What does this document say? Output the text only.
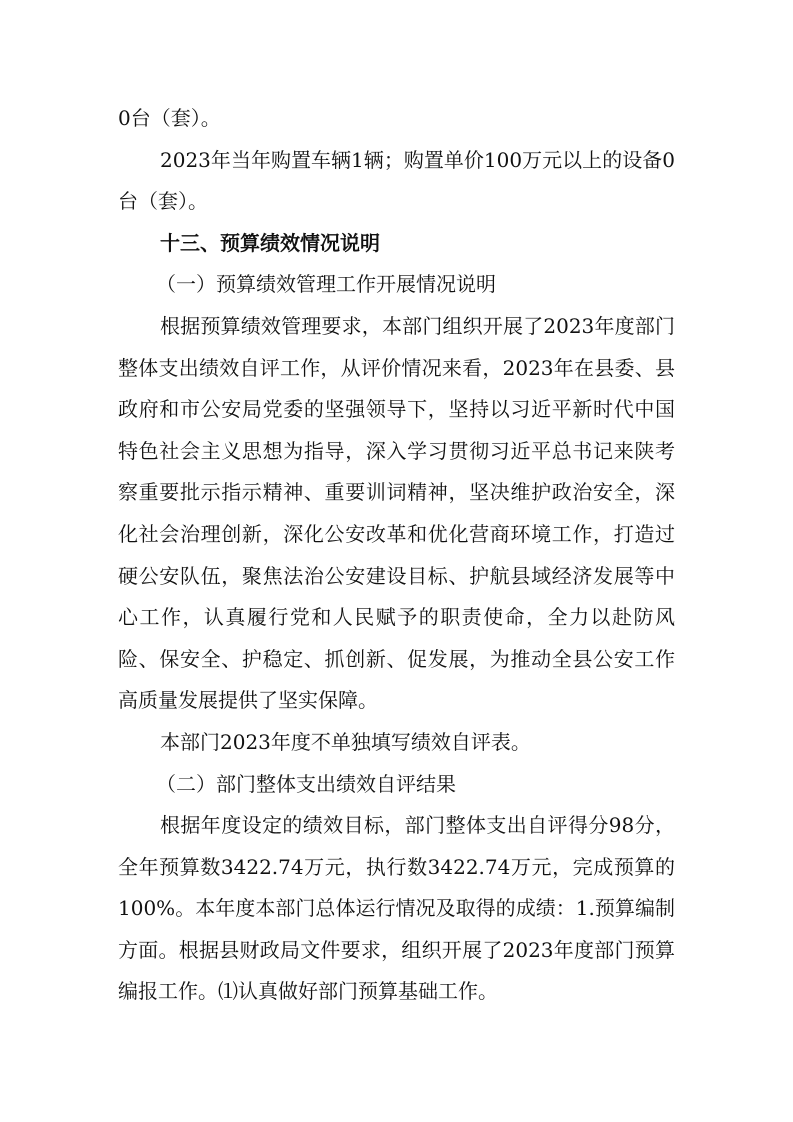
0台（套）。

2023年当年购置车辆1辆；购置单价100万元以上的设备0台（套）。

十三、预算绩效情况说明

（一）预算绩效管理工作开展情况说明

根据预算绩效管理要求，本部门组织开展了2023年度部门整体支出绩效自评工作，从评价情况来看，2023年在县委、县政府和市公安局党委的坚强领导下，坚持以习近平新时代中国特色社会主义思想为指导，深入学习贯彻习近平总书记来陕考察重要批示指示精神、重要训词精神，坚决维护政治安全，深化社会治理创新，深化公安改革和优化营商环境工作，打造过硬公安队伍，聚焦法治公安建设目标、护航县域经济发展等中心工作，认真履行党和人民赋予的职责使命，全力以赴防风险、保安全、护稳定、抓创新、促发展，为推动全县公安工作高质量发展提供了坚实保障。

本部门2023年度不单独填写绩效自评表。

（二）部门整体支出绩效自评结果

根据年度设定的绩效目标，部门整体支出自评得分98分，全年预算数3422.74万元，执行数3422.74万元，完成预算的100%。本年度本部门总体运行情况及取得的成绩：1.预算编制方面。根据县财政局文件要求，组织开展了2023年度部门预算编报工作。⑴认真做好部门预算基础工作。
